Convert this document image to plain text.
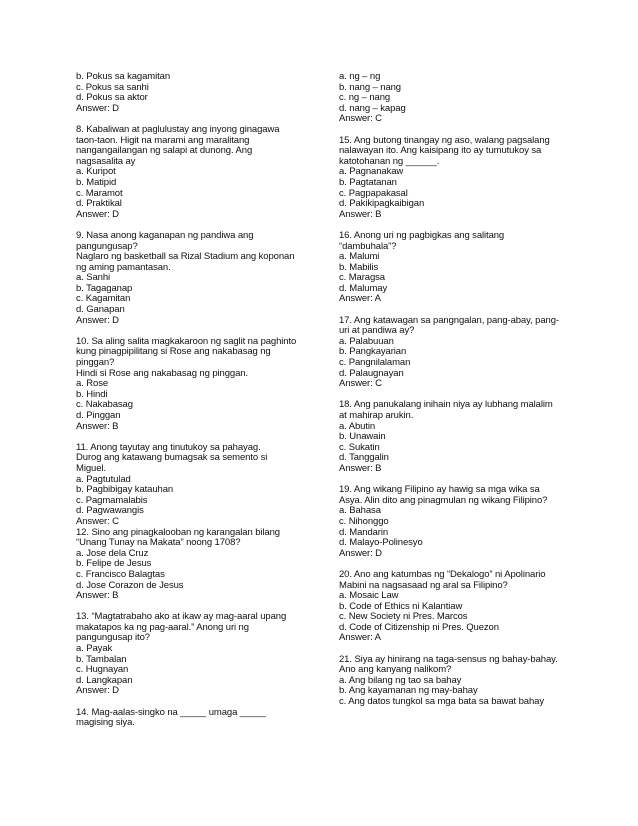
b. Pokus sa kagamitan
c. Pokus sa sanhi
d. Pokus sa aktor
Answer: D
8. Kabaliwan at paglulustay ang inyong ginagawa
taon-taon. Higit na marami ang maralitang
nangangailangan ng salapi at dunong. Ang
nagsasalita ay
a. Kuripot
b. Matipid
c. Maramot
d. Praktikal
Answer: D
9. Nasa anong kaganapan ng pandiwa ang
pangungusap?
Naglaro ng basketball sa Rizal Stadium ang koponan
ng aming pamantasan.
a. Sanhi
b. Tagaganap
c. Kagamitan
d. Ganapan
Answer: D
10. Sa aling salita magkakaroon ng saglit na paghinto
kung pinagpipilitang si Rose ang nakabasag ng
pinggan?
Hindi si Rose ang nakabasag ng pinggan.
a. Rose
b. Hindi
c. Nakabasag
d. Pinggan
Answer: B
11. Anong tayutay ang tinutukoy sa pahayag.
Durog ang katawang bumagsak sa semento si
Miguel.
a. Pagtutulad
b. Pagbibigay katauhan
c. Pagmamalabis
d. Pagwawangis
Answer: C
12. Sino ang pinagkalooban ng karangalan bilang
“Unang Tunay na Makata” noong 1708?
a. Jose dela Cruz
b. Felipe de Jesus
c. Francisco Balagtas
d. Jose Corazon de Jesus
Answer: B
13. “Magtatrabaho ako at ikaw ay mag-aaral upang
makatapos ka ng pag-aaral.” Anong uri ng
pangungusap ito?
a. Payak
b. Tambalan
c. Hugnayan
d. Langkapan
Answer: D
14. Mag-aalas-singko na _____ umaga _____
magising siya.
a. ng – ng
b. nang – nang
c. ng – nang
d. nang – kapag
Answer: C
15. Ang butong tinangay ng aso, walang pagsalang
nalawayan ito. Ang kaisipang ito ay tumutukoy sa
katotohanan ng ______.
a. Pagnanakaw
b. Pagtatanan
c. Pagpapakasal
d. Pakikipagkaibigan
Answer: B
16. Anong uri ng pagbigkas ang salitang
“dambuhala”?
a. Malumi
b. Mabilis
c. Maragsa
d. Malumay
Answer: A
17. Ang katawagan sa pangngalan, pang-abay, pang-
uri at pandiwa ay?
a. Palabuuan
b. Pangkayarian
c. Pangnilalaman
d. Palaugnayan
Answer: C
18. Ang panukalang inihain niya ay lubhang malalim
at mahirap arukin.
a. Abutin
b. Unawain
c. Sukatin
d. Tanggalin
Answer: B
19. Ang wikang Filipino ay hawig sa mga wika sa
Asya. Alin dito ang pinagmulan ng wikang Filipino?
a. Bahasa
c. Nihonggo
d. Mandarin
d. Malayo-Polinesyo
Answer: D
20. Ano ang katumbas ng “Dekalogo” ni Apolinario
Mabini na nagsasaad ng aral sa Filipino?
a. Mosaic Law
b. Code of Ethics ni Kalantiaw
c. New Society ni Pres. Marcos
d. Code of Citizenship ni Pres. Quezon
Answer: A
21. Siya ay hinirang na taga-sensus ng bahay-bahay.
Ano ang kanyang nalikom?
a. Ang bilang ng tao sa bahay
b. Ang kayamanan ng may-bahay
c. Ang datos tungkol sa mga bata sa bawat bahay
